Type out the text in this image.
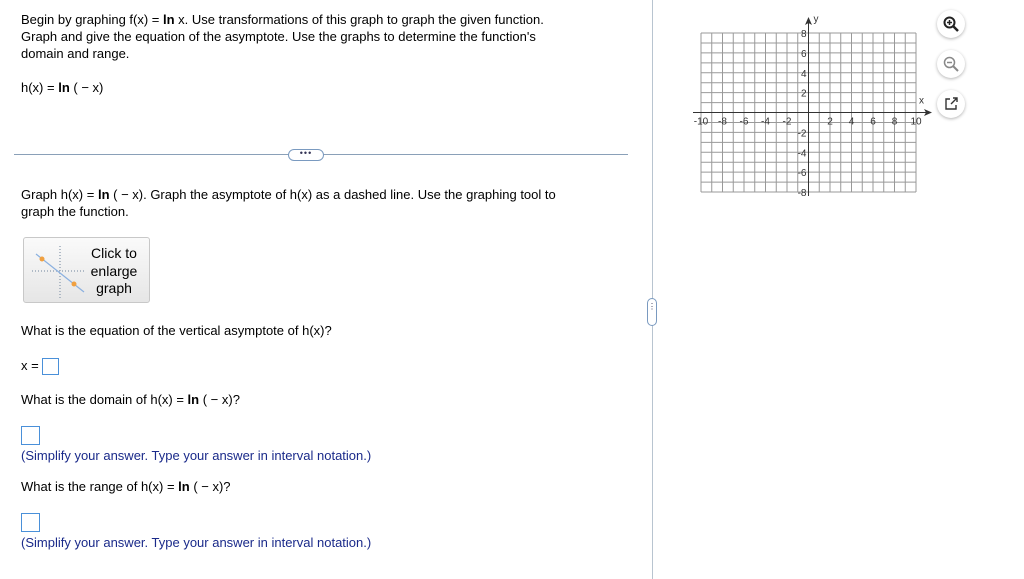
Begin by graphing f(x) = ln x. Use transformations of this graph to graph the given function.
Graph and give the equation of the asymptote. Use the graphs to determine the function's
domain and range.
h(x) = ln ( − x)
•••
Graph h(x) = ln ( − x). Graph the asymptote of h(x) as a dashed line. Use the graphing tool to
graph the function.
Click to
enlarge
graph
What is the equation of the vertical asymptote of h(x)?
x =
What is the domain of h(x) = ln ( − x)?
(Simplify your answer. Type your answer in interval notation.)
What is the range of h(x) = ln ( − x)?
(Simplify your answer. Type your answer in interval notation.)
⋮
x
y
-10 -8 -6 -4 -2	2 4 6 8 10
8
6
4
2
-2
-4
-6
-8
